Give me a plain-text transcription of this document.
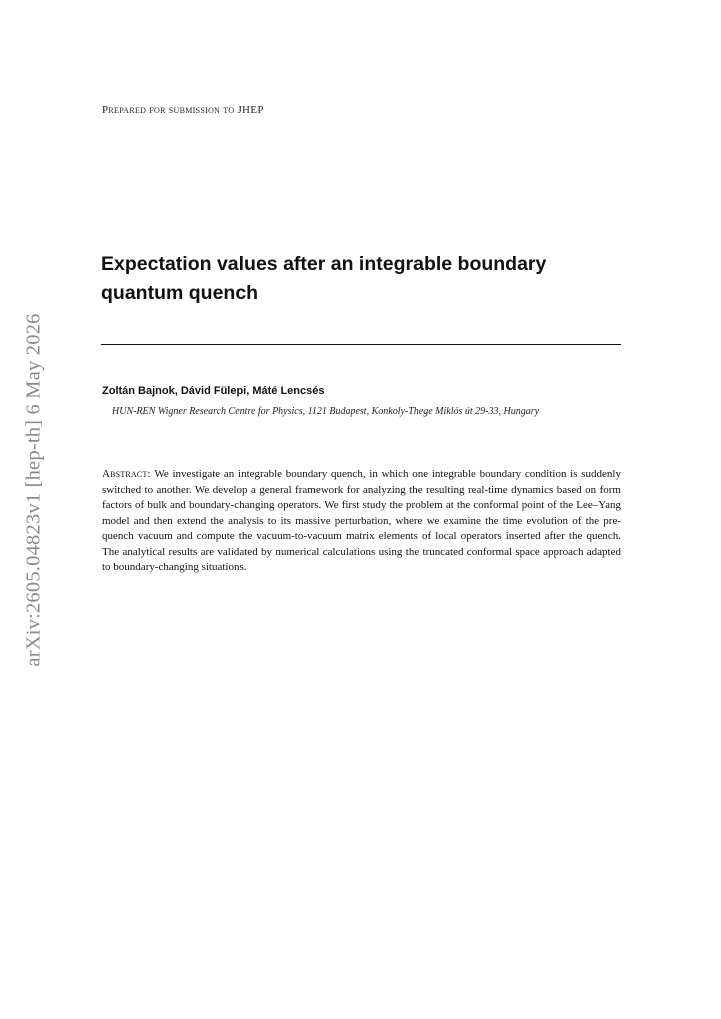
arXiv:2605.04823v1 [hep-th] 6 May 2026
Prepared for submission to JHEP
Expectation values after an integrable boundary quantum quench
Zoltán Bajnok, Dávid Fülepi, Máté Lencsés
HUN-REN Wigner Research Centre for Physics, 1121 Budapest, Konkoly-Thege Miklós út 29-33, Hungary

Abstract: We investigate an integrable boundary quench, in which one integrable boundary condition is suddenly switched to another. We develop a general framework for analyzing the resulting real-time dynamics based on form factors of bulk and boundary-changing operators. We first study the problem at the conformal point of the Lee–Yang model and then extend the analysis to its massive perturbation, where we examine the time evolution of the pre-quench vacuum and compute the vacuum-to-vacuum matrix elements of local operators inserted after the quench. The analytical results are validated by numerical calculations using the truncated conformal space approach adapted to boundary-changing situations.
